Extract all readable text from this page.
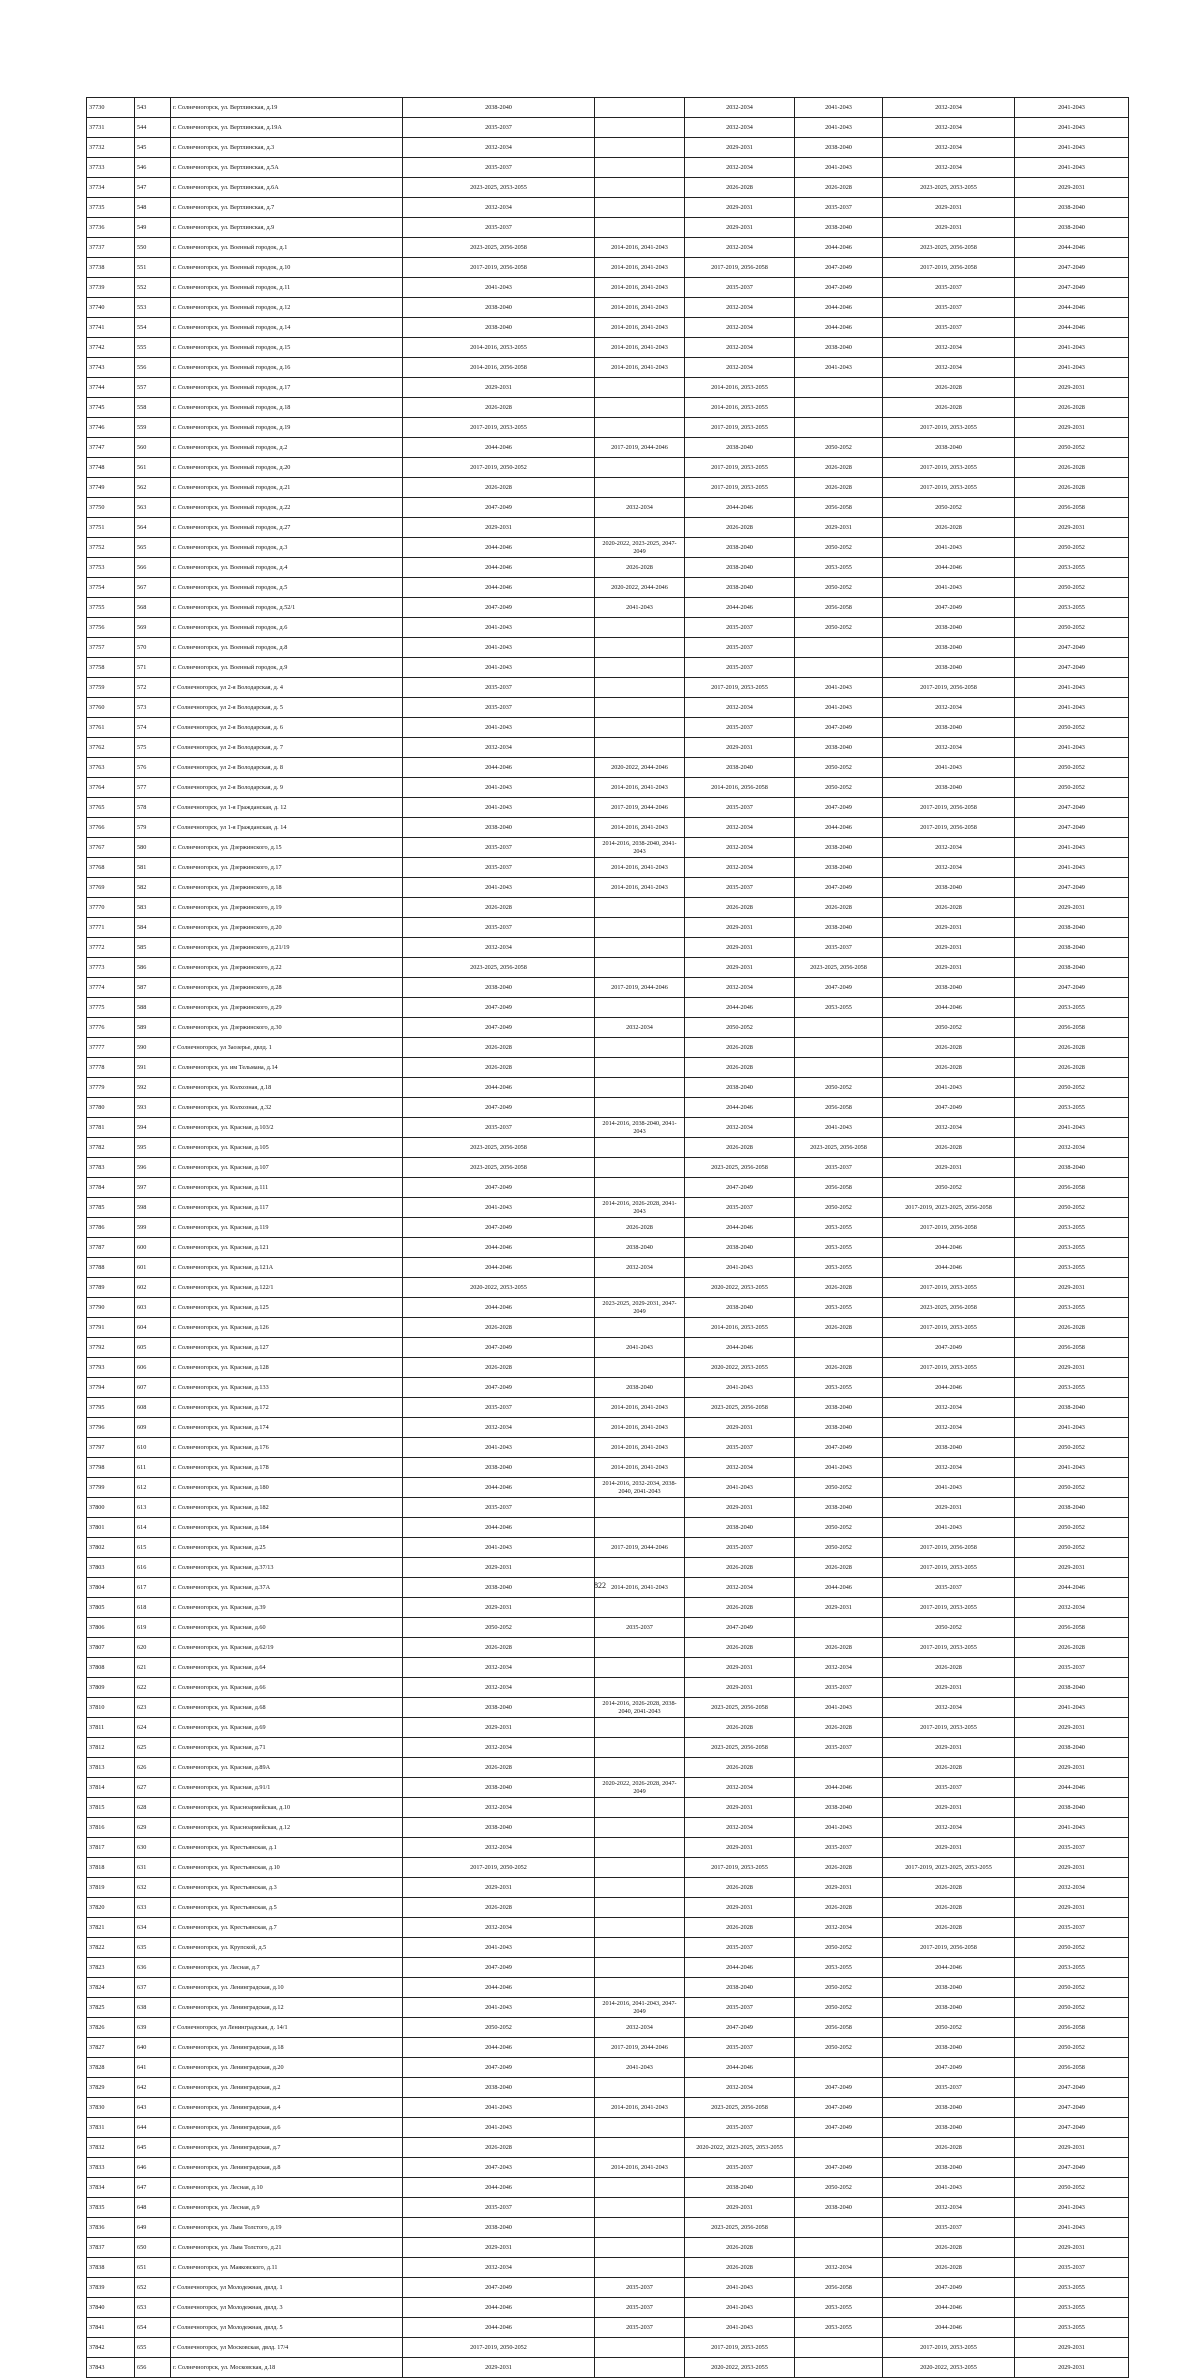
37730	543	г. Солнечногорск, ул. Вертлинская, д.19	2038-2040		2032-2034	2041-2043	2032-2034	2041-2043
37731	544	г. Солнечногорск, ул. Вертлинская, д.19А	2035-2037		2032-2034	2041-2043	2032-2034	2041-2043
37732	545	г. Солнечногорск, ул. Вертлинская, д.3	2032-2034		2029-2031	2038-2040	2032-2034	2041-2043
37733	546	г. Солнечногорск, ул. Вертлинская, д.5А	2035-2037		2032-2034	2041-2043	2032-2034	2041-2043
37734	547	г. Солнечногорск, ул. Вертлинская, д.6А	2023-2025, 2053-2055		2026-2028	2026-2028	2023-2025, 2053-2055	2029-2031
37735	548	г. Солнечногорск, ул. Вертлинская, д.7	2032-2034		2029-2031	2035-2037	2029-2031	2038-2040
37736	549	г. Солнечногорск, ул. Вертлинская, д.9	2035-2037		2029-2031	2038-2040	2029-2031	2038-2040
37737	550	г. Солнечногорск, ул. Военный городок, д.1	2023-2025, 2056-2058	2014-2016, 2041-2043	2032-2034	2044-2046	2023-2025, 2056-2058	2044-2046
37738	551	г. Солнечногорск, ул. Военный городок, д.10	2017-2019, 2056-2058	2014-2016, 2041-2043	2017-2019, 2056-2058	2047-2049	2017-2019, 2056-2058	2047-2049
37739	552	г. Солнечногорск, ул. Военный городок, д.11	2041-2043	2014-2016, 2041-2043	2035-2037	2047-2049	2035-2037	2047-2049
37740	553	г. Солнечногорск, ул. Военный городок, д.12	2038-2040	2014-2016, 2041-2043	2032-2034	2044-2046	2035-2037	2044-2046
37741	554	г. Солнечногорск, ул. Военный городок, д.14	2038-2040	2014-2016, 2041-2043	2032-2034	2044-2046	2035-2037	2044-2046
37742	555	г. Солнечногорск, ул. Военный городок, д.15	2014-2016, 2053-2055	2014-2016, 2041-2043	2032-2034	2038-2040	2032-2034	2041-2043
37743	556	г. Солнечногорск, ул. Военный городок, д.16	2014-2016, 2056-2058	2014-2016, 2041-2043	2032-2034	2041-2043	2032-2034	2041-2043
37744	557	г. Солнечногорск, ул. Военный городок, д.17	2029-2031		2014-2016, 2053-2055		2026-2028	2029-2031
37745	558	г. Солнечногорск, ул. Военный городок, д.18	2026-2028		2014-2016, 2053-2055		2026-2028	2026-2028
37746	559	г. Солнечногорск, ул. Военный городок, д.19	2017-2019, 2053-2055		2017-2019, 2053-2055		2017-2019, 2053-2055	2029-2031
37747	560	г. Солнечногорск, ул. Военный городок, д.2	2044-2046	2017-2019, 2044-2046	2038-2040	2050-2052	2038-2040	2050-2052
37748	561	г. Солнечногорск, ул. Военный городок, д.20	2017-2019, 2050-2052		2017-2019, 2053-2055	2026-2028	2017-2019, 2053-2055	2026-2028
37749	562	г. Солнечногорск, ул. Военный городок, д.21	2026-2028		2017-2019, 2053-2055	2026-2028	2017-2019, 2053-2055	2026-2028
37750	563	г. Солнечногорск, ул. Военный городок, д.22	2047-2049	2032-2034	2044-2046	2056-2058	2050-2052	2056-2058
37751	564	г. Солнечногорск, ул. Военный городок, д.27	2029-2031		2026-2028	2029-2031	2026-2028	2029-2031
37752	565	г. Солнечногорск, ул. Военный городок, д.3	2044-2046	2020-2022, 2023-2025, 2047-2049	2038-2040	2050-2052	2041-2043	2050-2052
37753	566	г. Солнечногорск, ул. Военный городок, д.4	2044-2046	2026-2028	2038-2040	2053-2055	2044-2046	2053-2055
37754	567	г. Солнечногорск, ул. Военный городок, д.5	2044-2046	2020-2022, 2044-2046	2038-2040	2050-2052	2041-2043	2050-2052
37755	568	г. Солнечногорск, ул. Военный городок, д.52/1	2047-2049	2041-2043	2044-2046	2056-2058	2047-2049	2053-2055
37756	569	г. Солнечногорск, ул. Военный городок, д.6	2041-2043		2035-2037	2050-2052	2038-2040	2050-2052
37757	570	г. Солнечногорск, ул. Военный городок, д.8	2041-2043		2035-2037		2038-2040	2047-2049
37758	571	г. Солнечногорск, ул. Военный городок, д.9	2041-2043		2035-2037		2038-2040	2047-2049
37759	572	г Солнечногорск, ул 2-я Володарская, д. 4	2035-2037		2017-2019, 2053-2055	2041-2043	2017-2019, 2056-2058	2041-2043
37760	573	г Солнечногорск, ул 2-я Володарская, д. 5	2035-2037		2032-2034	2041-2043	2032-2034	2041-2043
37761	574	г Солнечногорск, ул 2-я Володарская, д. 6	2041-2043		2035-2037	2047-2049	2038-2040	2050-2052
37762	575	г Солнечногорск, ул 2-я Володарская, д. 7	2032-2034		2029-2031	2038-2040	2032-2034	2041-2043
37763	576	г Солнечногорск, ул 2-я Володарская, д. 8	2044-2046	2020-2022, 2044-2046	2038-2040	2050-2052	2041-2043	2050-2052
37764	577	г Солнечногорск, ул 2-я Володарская, д. 9	2041-2043	2014-2016, 2041-2043	2014-2016, 2056-2058	2050-2052	2038-2040	2050-2052
37765	578	г Солнечногорск, ул 1-я Гражданская, д. 12	2041-2043	2017-2019, 2044-2046	2035-2037	2047-2049	2017-2019, 2056-2058	2047-2049
37766	579	г Солнечногорск, ул 1-я Гражданская, д. 14	2038-2040	2014-2016, 2041-2043	2032-2034	2044-2046	2017-2019, 2056-2058	2047-2049
37767	580	г. Солнечногорск, ул. Дзержинского, д.15	2035-2037	2014-2016, 2038-2040, 2041-2043	2032-2034	2038-2040	2032-2034	2041-2043
37768	581	г. Солнечногорск, ул. Дзержинского, д.17	2035-2037	2014-2016, 2041-2043	2032-2034	2038-2040	2032-2034	2041-2043
37769	582	г. Солнечногорск, ул. Дзержинского, д.18	2041-2043	2014-2016, 2041-2043	2035-2037	2047-2049	2038-2040	2047-2049
37770	583	г. Солнечногорск, ул. Дзержинского, д.19	2026-2028		2026-2028	2026-2028	2026-2028	2029-2031
37771	584	г. Солнечногорск, ул. Дзержинского, д.20	2035-2037		2029-2031	2038-2040	2029-2031	2038-2040
37772	585	г. Солнечногорск, ул. Дзержинского, д.21/19	2032-2034		2029-2031	2035-2037	2029-2031	2038-2040
37773	586	г. Солнечногорск, ул. Дзержинского, д.22	2023-2025, 2056-2058		2029-2031	2023-2025, 2056-2058	2029-2031	2038-2040
37774	587	г. Солнечногорск, ул. Дзержинского, д.28	2038-2040	2017-2019, 2044-2046	2032-2034	2047-2049	2038-2040	2047-2049
37775	588	г. Солнечногорск, ул. Дзержинского, д.29	2047-2049		2044-2046	2053-2055	2044-2046	2053-2055
37776	589	г. Солнечногорск, ул. Дзержинского, д.30	2047-2049	2032-2034	2050-2052		2050-2052	2056-2058
37777	590	г Солнечногорск, ул Заозерье, двлд. 1	2026-2028		2026-2028		2026-2028	2026-2028
37778	591	г. Солнечногорск, ул. им Тельмана, д.14	2026-2028		2026-2028		2026-2028	2026-2028
37779	592	г. Солнечногорск, ул. Колхозная, д.18	2044-2046		2038-2040	2050-2052	2041-2043	2050-2052
37780	593	г. Солнечногорск, ул. Колхозная, д.32	2047-2049		2044-2046	2056-2058	2047-2049	2053-2055
37781	594	г. Солнечногорск, ул. Красная, д.103/2	2035-2037	2014-2016, 2038-2040, 2041-2043	2032-2034	2041-2043	2032-2034	2041-2043
37782	595	г. Солнечногорск, ул. Красная, д.105	2023-2025, 2056-2058		2026-2028	2023-2025, 2056-2058	2026-2028	2032-2034
37783	596	г. Солнечногорск, ул. Красная, д.107	2023-2025, 2056-2058		2023-2025, 2056-2058	2035-2037	2029-2031	2038-2040
37784	597	г. Солнечногорск, ул. Красная, д.111	2047-2049		2047-2049	2056-2058	2050-2052	2056-2058
37785	598	г. Солнечногорск, ул. Красная, д.117	2041-2043	2014-2016, 2026-2028, 2041-2043	2035-2037	2050-2052	2017-2019, 2023-2025, 2056-2058	2050-2052
37786	599	г. Солнечногорск, ул. Красная, д.119	2047-2049	2026-2028	2044-2046	2053-2055	2017-2019, 2056-2058	2053-2055
37787	600	г. Солнечногорск, ул. Красная, д.121	2044-2046	2038-2040	2038-2040	2053-2055	2044-2046	2053-2055
37788	601	г. Солнечногорск, ул. Красная, д.121А	2044-2046	2032-2034	2041-2043	2053-2055	2044-2046	2053-2055
37789	602	г. Солнечногорск, ул. Красная, д.122/1	2020-2022, 2053-2055		2020-2022, 2053-2055	2026-2028	2017-2019, 2053-2055	2029-2031
37790	603	г. Солнечногорск, ул. Красная, д.125	2044-2046	2023-2025, 2029-2031, 2047-2049	2038-2040	2053-2055	2023-2025, 2056-2058	2053-2055
37791	604	г. Солнечногорск, ул. Красная, д.126	2026-2028		2014-2016, 2053-2055	2026-2028	2017-2019, 2053-2055	2026-2028
37792	605	г. Солнечногорск, ул. Красная, д.127	2047-2049	2041-2043	2044-2046		2047-2049	2056-2058
37793	606	г. Солнечногорск, ул. Красная, д.128	2026-2028		2020-2022, 2053-2055	2026-2028	2017-2019, 2053-2055	2029-2031
37794	607	г. Солнечногорск, ул. Красная, д.133	2047-2049	2038-2040	2041-2043	2053-2055	2044-2046	2053-2055
37795	608	г. Солнечногорск, ул. Красная, д.172	2035-2037	2014-2016, 2041-2043	2023-2025, 2056-2058	2038-2040	2032-2034	2038-2040
37796	609	г. Солнечногорск, ул. Красная, д.174	2032-2034	2014-2016, 2041-2043	2029-2031	2038-2040	2032-2034	2041-2043
37797	610	г. Солнечногорск, ул. Красная, д.176	2041-2043	2014-2016, 2041-2043	2035-2037	2047-2049	2038-2040	2050-2052
37798	611	г. Солнечногорск, ул. Красная, д.178	2038-2040	2014-2016, 2041-2043	2032-2034	2041-2043	2032-2034	2041-2043
37799	612	г. Солнечногорск, ул. Красная, д.180	2044-2046	2014-2016, 2032-2034, 2038-2040, 2041-2043	2041-2043	2050-2052	2041-2043	2050-2052
37800	613	г. Солнечногорск, ул. Красная, д.182	2035-2037		2029-2031	2038-2040	2029-2031	2038-2040
37801	614	г. Солнечногорск, ул. Красная, д.184	2044-2046		2038-2040	2050-2052	2041-2043	2050-2052
37802	615	г. Солнечногорск, ул. Красная, д.25	2041-2043	2017-2019, 2044-2046	2035-2037	2050-2052	2017-2019, 2056-2058	2050-2052
37803	616	г. Солнечногорск, ул. Красная, д.37/13	2029-2031		2026-2028	2026-2028	2017-2019, 2053-2055	2029-2031
37804	617	г. Солнечногорск, ул. Красная, д.37А	2038-2040	2014-2016, 2041-2043	2032-2034	2044-2046	2035-2037	2044-2046
37805	618	г. Солнечногорск, ул. Красная, д.39	2029-2031		2026-2028	2029-2031	2017-2019, 2053-2055	2032-2034
37806	619	г. Солнечногорск, ул. Красная, д.60	2050-2052	2035-2037	2047-2049		2050-2052	2056-2058
37807	620	г. Солнечногорск, ул. Красная, д.62/19	2026-2028		2026-2028	2026-2028	2017-2019, 2053-2055	2026-2028
37808	621	г. Солнечногорск, ул. Красная, д.64	2032-2034		2029-2031	2032-2034	2026-2028	2035-2037
37809	622	г. Солнечногорск, ул. Красная, д.66	2032-2034		2029-2031	2035-2037	2029-2031	2038-2040
37810	623	г. Солнечногорск, ул. Красная, д.68	2038-2040	2014-2016, 2026-2028, 2038-2040, 2041-2043	2023-2025, 2056-2058	2041-2043	2032-2034	2041-2043
37811	624	г. Солнечногорск, ул. Красная, д.69	2029-2031		2026-2028	2026-2028	2017-2019, 2053-2055	2029-2031
37812	625	г. Солнечногорск, ул. Красная, д.71	2032-2034		2023-2025, 2056-2058	2035-2037	2029-2031	2038-2040
37813	626	г. Солнечногорск, ул. Красная, д.89А	2026-2028		2026-2028		2026-2028	2029-2031
37814	627	г. Солнечногорск, ул. Красная, д.91/1	2038-2040	2020-2022, 2026-2028, 2047-2049	2032-2034	2044-2046	2035-2037	2044-2046
37815	628	г. Солнечногорск, ул. Красноармейская, д.10	2032-2034		2029-2031	2038-2040	2029-2031	2038-2040
37816	629	г. Солнечногорск, ул. Красноармейская, д.12	2038-2040		2032-2034	2041-2043	2032-2034	2041-2043
37817	630	г. Солнечногорск, ул. Крестьянская, д.1	2032-2034		2029-2031	2035-2037	2029-2031	2035-2037
37818	631	г. Солнечногорск, ул. Крестьянская, д.10	2017-2019, 2050-2052		2017-2019, 2053-2055	2026-2028	2017-2019, 2023-2025, 2053-2055	2029-2031
37819	632	г. Солнечногорск, ул. Крестьянская, д.3	2029-2031		2026-2028	2029-2031	2026-2028	2032-2034
37820	633	г. Солнечногорск, ул. Крестьянская, д.5	2026-2028		2029-2031	2026-2028	2026-2028	2029-2031
37821	634	г. Солнечногорск, ул. Крестьянская, д.7	2032-2034		2026-2028	2032-2034	2026-2028	2035-2037
37822	635	г. Солнечногорск, ул. Крупской, д.5	2041-2043		2035-2037	2050-2052	2017-2019, 2056-2058	2050-2052
37823	636	г. Солнечногорск, ул. Лесная, д.7	2047-2049		2044-2046	2053-2055	2044-2046	2053-2055
37824	637	г. Солнечногорск, ул. Ленинградская, д.10	2044-2046		2038-2040	2050-2052	2038-2040	2050-2052
37825	638	г. Солнечногорск, ул. Ленинградская, д.12	2041-2043	2014-2016, 2041-2043, 2047-2049	2035-2037	2050-2052	2038-2040	2050-2052
37826	639	г Солнечногорск, ул Ленинградская, д. 14/1	2050-2052	2032-2034	2047-2049	2056-2058	2050-2052	2056-2058
37827	640	г. Солнечногорск, ул. Ленинградская, д.18	2044-2046	2017-2019, 2044-2046	2035-2037	2050-2052	2038-2040	2050-2052
37828	641	г. Солнечногорск, ул. Ленинградская, д.20	2047-2049	2041-2043	2044-2046		2047-2049	2056-2058
37829	642	г. Солнечногорск, ул. Ленинградская, д.2	2038-2040		2032-2034	2047-2049	2035-2037	2047-2049
37830	643	г. Солнечногорск, ул. Ленинградская, д.4	2041-2043	2014-2016, 2041-2043	2023-2025, 2056-2058	2047-2049	2038-2040	2047-2049
37831	644	г. Солнечногорск, ул. Ленинградская, д.6	2041-2043		2035-2037	2047-2049	2038-2040	2047-2049
37832	645	г. Солнечногорск, ул. Ленинградская, д.7	2026-2028		2020-2022, 2023-2025, 2053-2055		2026-2028	2029-2031
37833	646	г. Солнечногорск, ул. Ленинградская, д.8	2047-2043	2014-2016, 2041-2043	2035-2037	2047-2049	2038-2040	2047-2049
37834	647	г. Солнечногорск, ул. Лесная, д.10	2044-2046		2038-2040	2050-2052	2041-2043	2050-2052
37835	648	г. Солнечногорск, ул. Лесная, д.9	2035-2037		2029-2031	2038-2040	2032-2034	2041-2043
37836	649	г. Солнечногорск, ул. Льва Толстого, д.19	2038-2040		2023-2025, 2056-2058		2035-2037	2041-2043
37837	650	г. Солнечногорск, ул. Льва Толстого, д.21	2029-2031		2026-2028		2026-2028	2029-2031
37838	651	г. Солнечногорск, ул. Маяковского, д.11	2032-2034		2026-2028	2032-2034	2026-2028	2035-2037
37839	652	г Солнечногорск, ул Молодежная, двлд. 1	2047-2049	2035-2037	2041-2043	2056-2058	2047-2049	2053-2055
37840	653	г Солнечногорск, ул Молодежная, двлд. 3	2044-2046	2035-2037	2041-2043	2053-2055	2044-2046	2053-2055
37841	654	г Солнечногорск, ул Молодежная, двлд. 5	2044-2046	2035-2037	2041-2043	2053-2055	2044-2046	2053-2055
37842	655	г Солнечногорск, ул Московская, двлд. 17/4	2017-2019, 2050-2052		2017-2019, 2053-2055		2017-2019, 2053-2055	2029-2031
37843	656	г. Солнечногорск, ул. Московская, д.18	2029-2031		2020-2022, 2053-2055		2020-2022, 2053-2055	2029-2031
822
